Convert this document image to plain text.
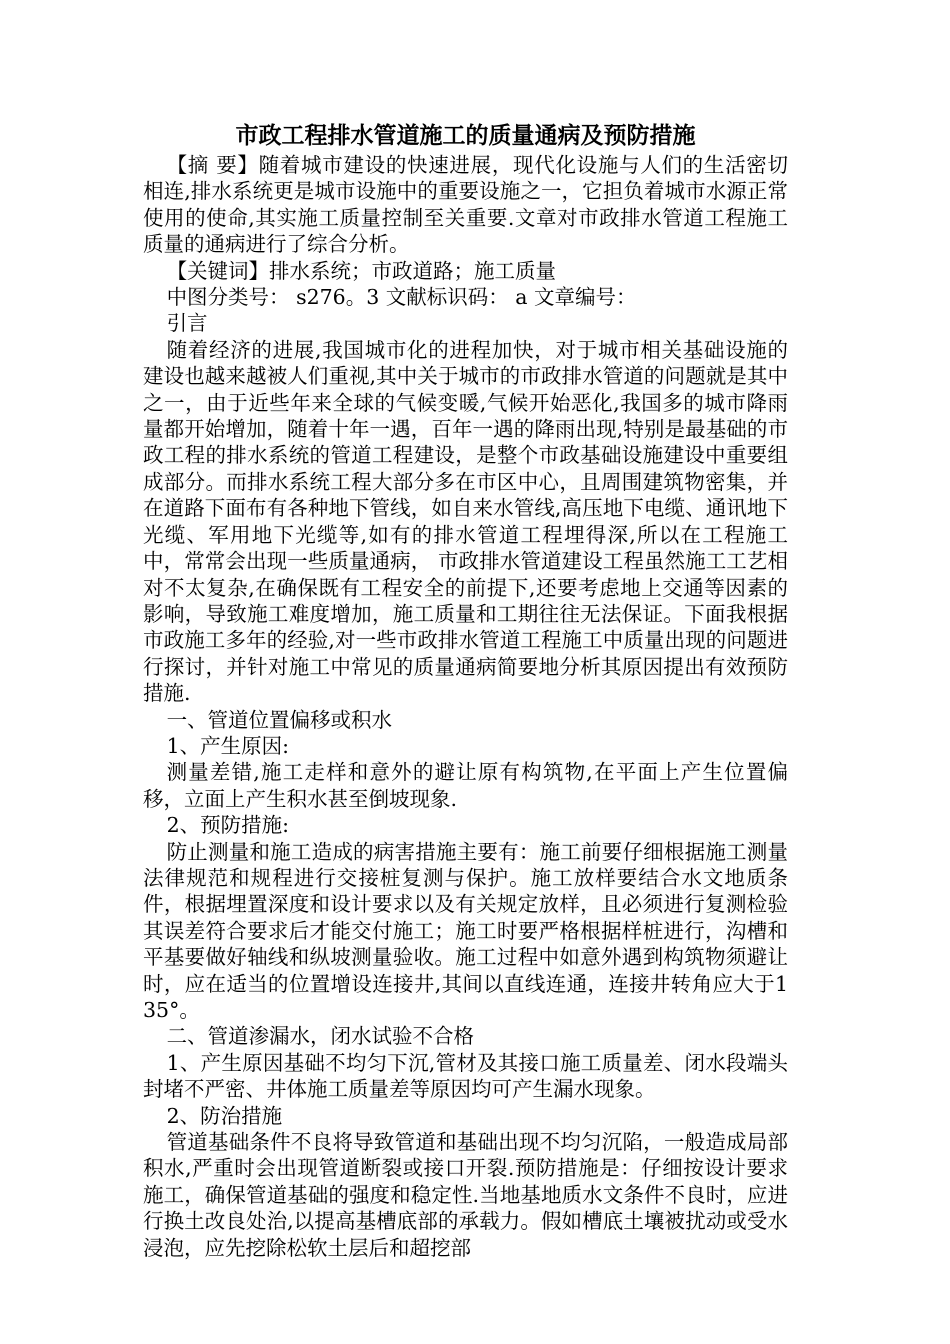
市政工程排水管道施工的质量通病及预防措施

【摘 要】随着城市建设的快速进展，现代化设施与人们的生活密切相连,排水系统更是城市设施中的重要设施之一，它担负着城市水源正常使用的使命,其实施工质量控制至关重要.文章对市政排水管道工程施工质量的通病进行了综合分析。

【关键词】排水系统；市政道路；施工质量

中图分类号： s276。3 文献标识码： a 文章编号：

引言

随着经济的进展,我国城市化的进程加快，对于城市相关基础设施的建设也越来越被人们重视,其中关于城市的市政排水管道的问题就是其中之一，由于近些年来全球的气候变暖,气候开始恶化,我国多的城市降雨量都开始增加，随着十年一遇，百年一遇的降雨出现,特别是最基础的市政工程的排水系统的管道工程建设，是整个市政基础设施建设中重要组成部分。而排水系统工程大部分多在市区中心，且周围建筑物密集，并在道路下面布有各种地下管线，如自来水管线,高压地下电缆、通讯地下光缆、军用地下光缆等,如有的排水管道工程埋得深,所以在工程施工中，常常会出现一些质量通病， 市政排水管道建设工程虽然施工工艺相对不太复杂,在确保既有工程安全的前提下,还要考虑地上交通等因素的影响，导致施工难度增加，施工质量和工期往往无法保证。下面我根据市政施工多年的经验,对一些市政排水管道工程施工中质量出现的问题进行探讨，并针对施工中常见的质量通病简要地分析其原因提出有效预防措施.

一、管道位置偏移或积水

1、产生原因:

测量差错,施工走样和意外的避让原有构筑物,在平面上产生位置偏移，立面上产生积水甚至倒坡现象.

2、预防措施:

防止测量和施工造成的病害措施主要有：施工前要仔细根据施工测量法律规范和规程进行交接桩复测与保护。施工放样要结合水文地质条件，根据埋置深度和设计要求以及有关规定放样，且必须进行复测检验其误差符合要求后才能交付施工；施工时要严格根据样桩进行，沟槽和平基要做好轴线和纵坡测量验收。施工过程中如意外遇到构筑物须避让时，应在适当的位置增设连接井,其间以直线连通，连接井转角应大于135°。

二、管道渗漏水，闭水试验不合格

1、产生原因基础不均匀下沉,管材及其接口施工质量差、闭水段端头封堵不严密、井体施工质量差等原因均可产生漏水现象。

2、防治措施

管道基础条件不良将导致管道和基础出现不均匀沉陷，一般造成局部积水,严重时会出现管道断裂或接口开裂.预防措施是：仔细按设计要求施工，确保管道基础的强度和稳定性.当地基地质水文条件不良时，应进行换土改良处治,以提高基槽底部的承载力。假如槽底土壤被扰动或受水浸泡，应先挖除松软土层后和超挖部
